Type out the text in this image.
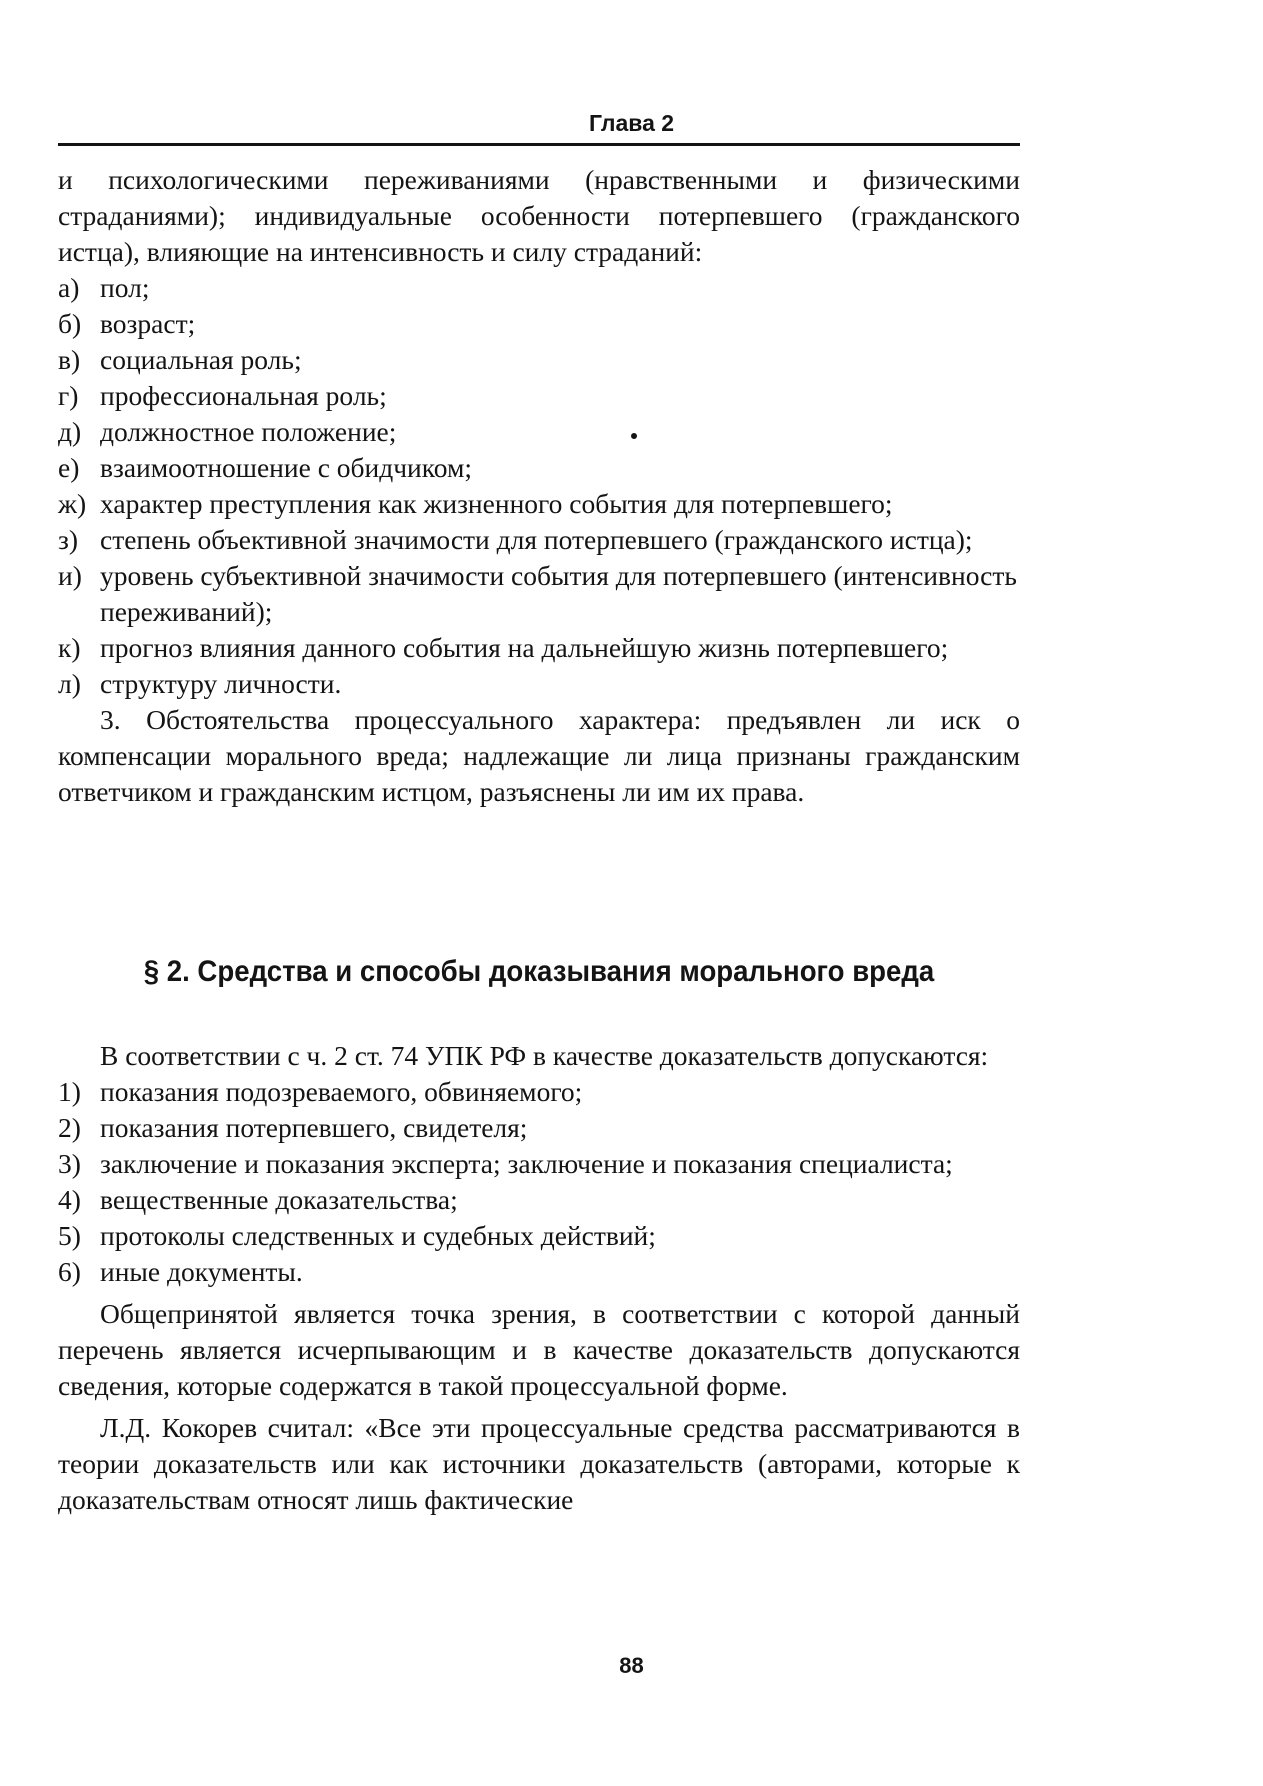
Глава 2

и психологическими переживаниями (нравственными и физическими страданиями); индивидуальные особенности потерпевшего (гражданского истца), влияющие на интенсивность и силу страданий:

а) пол;
б) возраст;
в) социальная роль;
г) профессиональная роль;
д) должностное положение;
е) взаимоотношение с обидчиком;
ж) характер преступления как жизненного события для потерпевшего;
з) степень объективной значимости для потерпевшего (гражданского истца);
и) уровень субъективной значимости события для потерпевшего (интенсивность переживаний);
к) прогноз влияния данного события на дальнейшую жизнь потерпевшего;
л) структуру личности.

3. Обстоятельства процессуального характера: предъявлен ли иск о компенсации морального вреда; надлежащие ли лица признаны гражданским ответчиком и гражданским истцом, разъяснены ли им их права.

§ 2. Средства и способы доказывания морального вреда

В соответствии с ч. 2 ст. 74 УПК РФ в качестве доказательств допускаются:

1) показания подозреваемого, обвиняемого;
2) показания потерпевшего, свидетеля;
3) заключение и показания эксперта; заключение и показания специалиста;
4) вещественные доказательства;
5) протоколы следственных и судебных действий;
6) иные документы.

Общепринятой является точка зрения, в соответствии с которой данный перечень является исчерпывающим и в качестве доказательств допускаются сведения, которые содержатся в такой процессуальной форме.

Л.Д. Кокорев считал: «Все эти процессуальные средства рассматриваются в теории доказательств или как источники доказательств (авторами, которые к доказательствам относят лишь фактические

88
